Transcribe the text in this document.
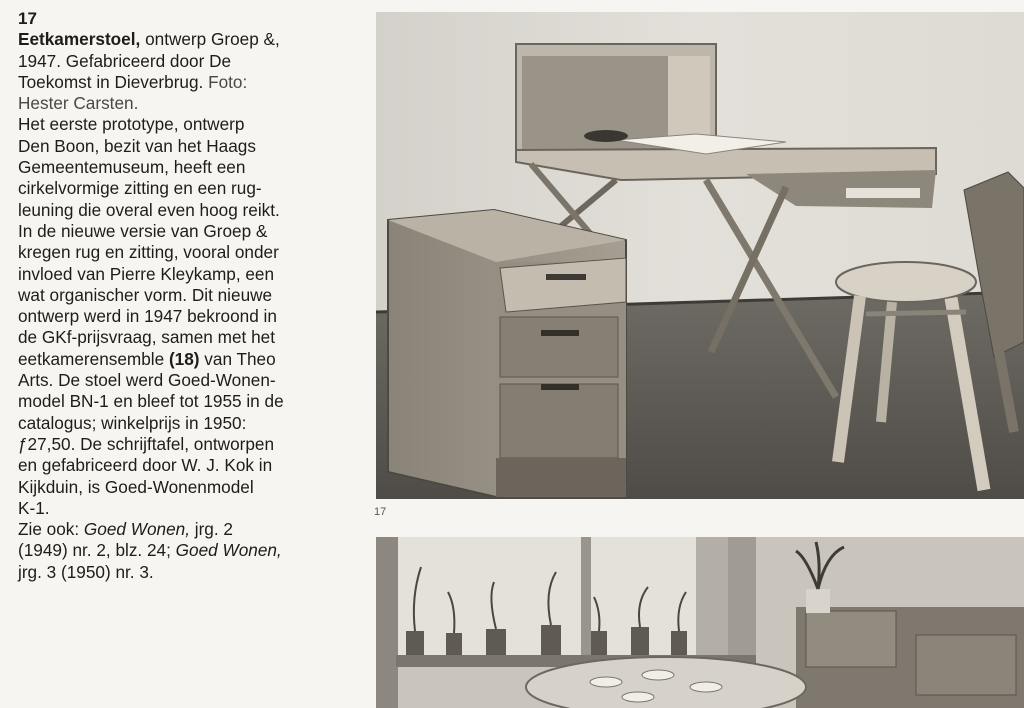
17

Eetkamerstoel, ontwerp Groep &,

1947. Gefabriceerd door De

Toekomst in Dieverbrug. Foto:

Hester Carsten.

Het eerste prototype, ontwerp

Den Boon, bezit van het Haags

Gemeentemuseum, heeft een

cirkelvormige zitting en een rug-

leuning die overal even hoog reikt.

In de nieuwe versie van Groep &

kregen rug en zitting, vooral onder

invloed van Pierre Kleykamp, een

wat organischer vorm. Dit nieuwe

ontwerp werd in 1947 bekroond in

de GKf-prijsvraag, samen met het

eetkamerensemble (18) van Theo

Arts. De stoel werd Goed-Wonen-

model BN-1 en bleef tot 1955 in de

catalogus; winkelprijs in 1950:

ƒ27,50. De schrijftafel, ontworpen

en gefabriceerd door W. J. Kok in

Kijkduin, is Goed-Wonenmodel

K-1.

Zie ook: Goed Wonen, jrg. 2

(1949) nr. 2, blz. 24; Goed Wonen,

jrg. 3 (1950) nr. 3.

17
